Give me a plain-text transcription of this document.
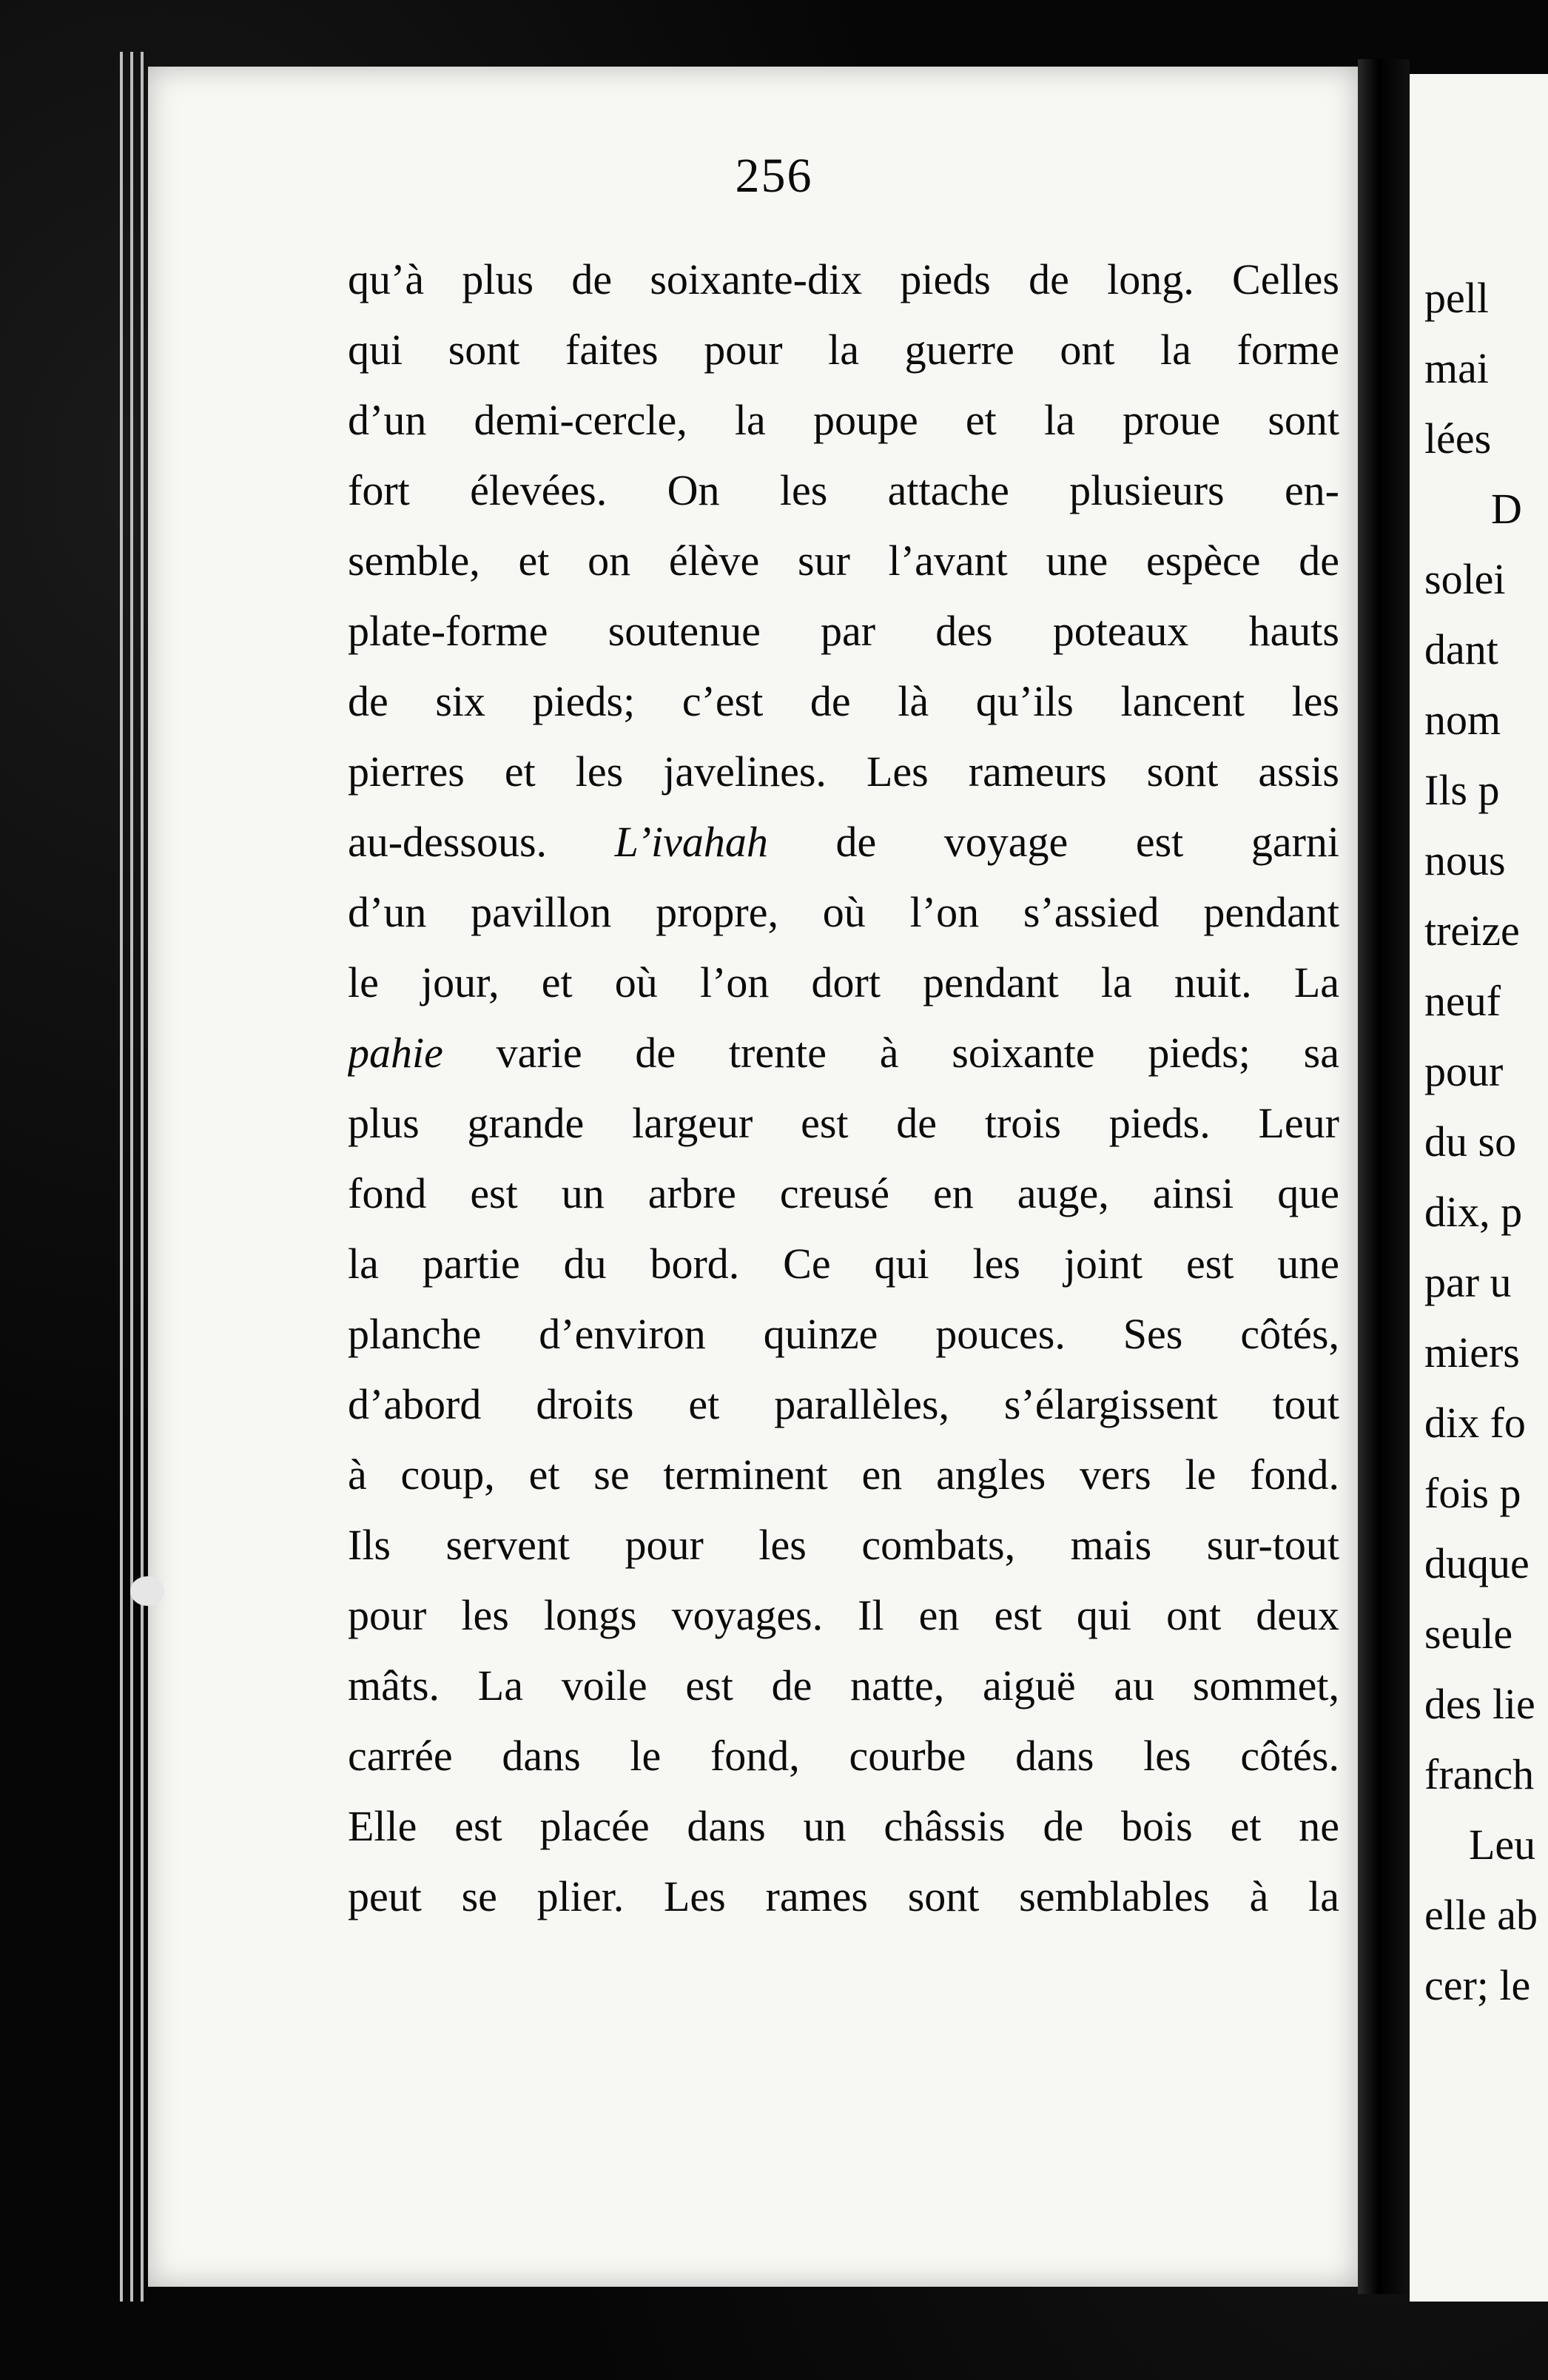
256
qu’à plus de soixante-dix pieds de long. Celles
qui sont faites pour la guerre ont la forme
d’un demi-cercle, la poupe et la proue sont
fort élevées. On les attache plusieurs en-
semble, et on élève sur l’avant une espèce de
plate-forme soutenue par des poteaux hauts
de six pieds; c’est de là qu’ils lancent les
pierres et les javelines. Les rameurs sont assis
au-dessous. L’ivahah de voyage est garni
d’un pavillon propre, où l’on s’assied pendant
le jour, et où l’on dort pendant la nuit. La
pahie varie de trente à soixante pieds; sa
plus grande largeur est de trois pieds. Leur
fond est un arbre creusé en auge, ainsi que
la partie du bord. Ce qui les joint est une
planche d’environ quinze pouces. Ses côtés,
d’abord droits et parallèles, s’élargissent tout
à coup, et se terminent en angles vers le fond.
Ils servent pour les combats, mais sur-tout
pour les longs voyages. Il en est qui ont deux
mâts. La voile est de natte, aiguë au sommet,
carrée dans le fond, courbe dans les côtés.
Elle est placée dans un châssis de bois et ne
peut se plier. Les rames sont semblables à la
pell
mai
lées
D
solei
dant
nom
Ils p
nous
treize
neuf
pour
du so
dix, p
par u
miers
dix fo
fois p
duque
seule
des lie
franch
Leu
elle ab
cer; le
